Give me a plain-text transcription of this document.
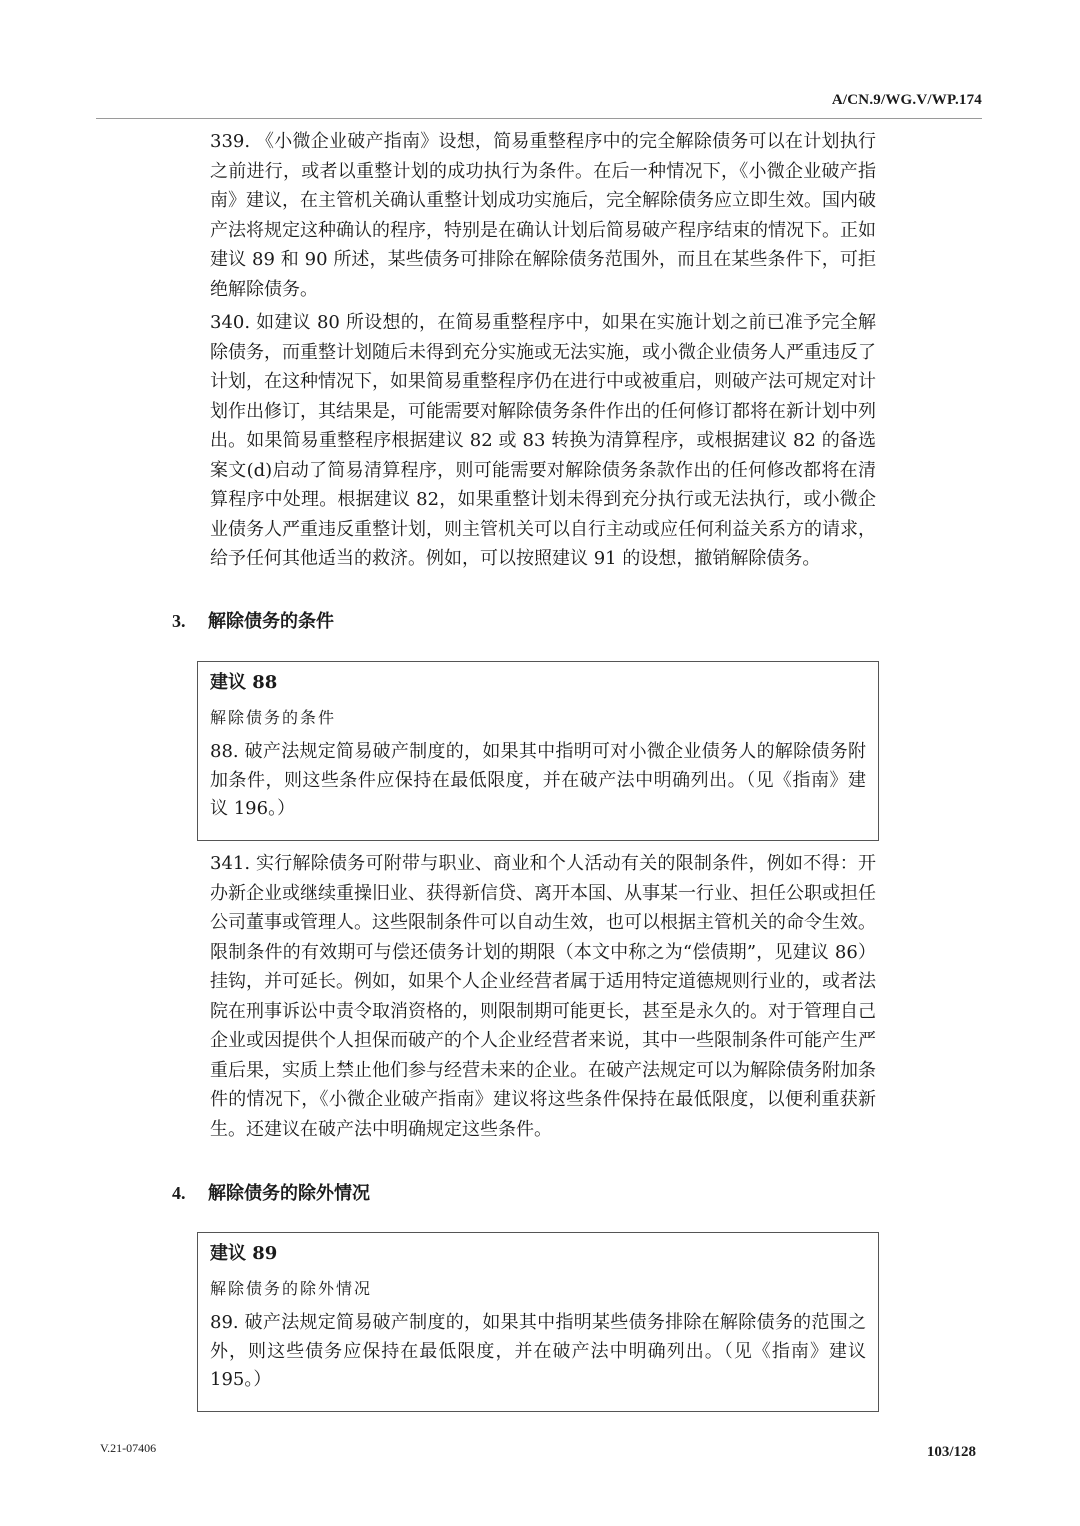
A/CN.9/WG.V/WP.174

339. 《小微企业破产指南》设想，简易重整程序中的完全解除债务可以在计划执行之前进行，或者以重整计划的成功执行为条件。在后一种情况下，《小微企业破产指南》建议，在主管机关确认重整计划成功实施后，完全解除债务应立即生效。国内破产法将规定这种确认的程序，特别是在确认计划后简易破产程序结束的情况下。正如建议 89 和 90 所述，某些债务可排除在解除债务范围外，而且在某些条件下，可拒绝解除债务。

340. 如建议 80 所设想的，在简易重整程序中，如果在实施计划之前已准予完全解除债务，而重整计划随后未得到充分实施或无法实施，或小微企业债务人严重违反了计划，在这种情况下，如果简易重整程序仍在进行中或被重启，则破产法可规定对计划作出修订，其结果是，可能需要对解除债务条件作出的任何修订都将在新计划中列出。如果简易重整程序根据建议 82 或 83 转换为清算程序，或根据建议 82 的备选案文(d)启动了简易清算程序，则可能需要对解除债务条款作出的任何修改都将在清算程序中处理。根据建议 82，如果重整计划未得到充分执行或无法执行，或小微企业债务人严重违反重整计划，则主管机关可以自行主动或应任何利益关系方的请求，给予任何其他适当的救济。例如，可以按照建议 91 的设想，撤销解除债务。

3. 解除债务的条件
建议 88
解除债务的条件

88. 破产法规定简易破产制度的，如果其中指明可对小微企业债务人的解除债务附加条件，则这些条件应保持在最低限度，并在破产法中明确列出。（见《指南》建议 196。）

341. 实行解除债务可附带与职业、商业和个人活动有关的限制条件，例如不得：开办新企业或继续重操旧业、获得新信贷、离开本国、从事某一行业、担任公职或担任公司董事或管理人。这些限制条件可以自动生效，也可以根据主管机关的命令生效。限制条件的有效期可与偿还债务计划的期限（本文中称之为“偿债期”，见建议 86）挂钩，并可延长。例如，如果个人企业经营者属于适用特定道德规则行业的，或者法院在刑事诉讼中责令取消资格的，则限制期可能更长，甚至是永久的。对于管理自己企业或因提供个人担保而破产的个人企业经营者来说，其中一些限制条件可能产生严重后果，实质上禁止他们参与经营未来的企业。在破产法规定可以为解除债务附加条件的情况下，《小微企业破产指南》建议将这些条件保持在最低限度，以便利重获新生。还建议在破产法中明确规定这些条件。

4. 解除债务的除外情况
建议 89
解除债务的除外情况

89. 破产法规定简易破产制度的，如果其中指明某些债务排除在解除债务的范围之外，则这些债务应保持在最低限度，并在破产法中明确列出。（见《指南》建议 195。）

V.21-07406	103/128
